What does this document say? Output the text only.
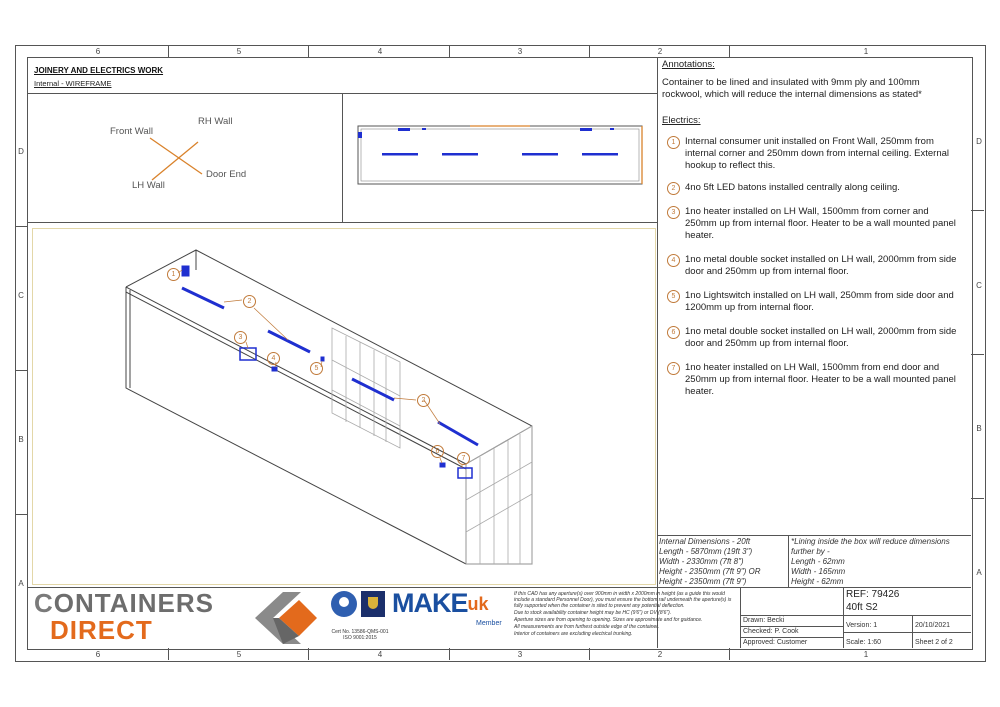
6	5	4	3	2	1
6	5	4	3	2	1
D
C
B
A
D
C
B
A
JOINERY AND ELECTRICS WORK
Internal - WIREFRAME
Front Wall
RH Wall
LH Wall
Door End
1
2
3
4
5
2
6
7
Annotations:
Container to be lined and insulated with 9mm ply and 100mm rockwool, which will reduce the internal dimensions as stated*
Electrics:
1	Internal consumer unit installed on Front Wall, 250mm from
internal corner and 250mm down from internal ceiling. External
hookup to reflect this.
2	4no 5ft LED batons installed centrally along ceiling.
3	1no heater installed on LH Wall, 1500mm from corner and
250mm up from internal floor. Heater to be a wall mounted panel
heater.
4	1no metal double socket installed on LH wall, 2000mm from side
door and 250mm up from internal floor.
5	1no Lightswitch installed on LH wall, 250mm from side door and
1200mm up from internal floor.
6	1no metal double socket installed on LH wall, 2000mm from side
door and 250mm up from internal floor.
7	1no heater installed on LH Wall, 1500mm from end door and
250mm up from internal floor. Heater to be a wall mounted panel
heater.
Internal Dimensions - 20ft
Length - 5870mm (19ft 3")
Width - 2330mm (7ft 8")
Height - 2350mm (7ft 9") OR
Height - 2350mm (7ft 9")
*Lining inside the box will reduce dimensions
further by -
Length - 62mm
Width - 165mm
Height - 62mm
CONTAINERS
DIRECT	Cert No. 13586-QMS-001
ISO 9001:2015
MAKEuk
Member
If this CAD has any aperture(s) over 900mm in width x 2000mm in height (as a guide this would include a standard Personnel Door), you must ensure the bottom rail underneath the aperture(s) is fully supported when the container is sited to prevent any potential deflection.
Due to stock availability container height may be HC (9'6") or DV (8'6").
Aperture sizes are from opening to opening. Sizes are approximate and for guidance.
All measurements are from furthest outside edge of the container.
Interior of containers are excluding electrical trunking.
REF: 79426
40ft S2
Drawn: Becki
Checked: P. Cook
Approved: Customer
Version: 1
Scale: 1:60
20/10/2021
Sheet 2 of 2
